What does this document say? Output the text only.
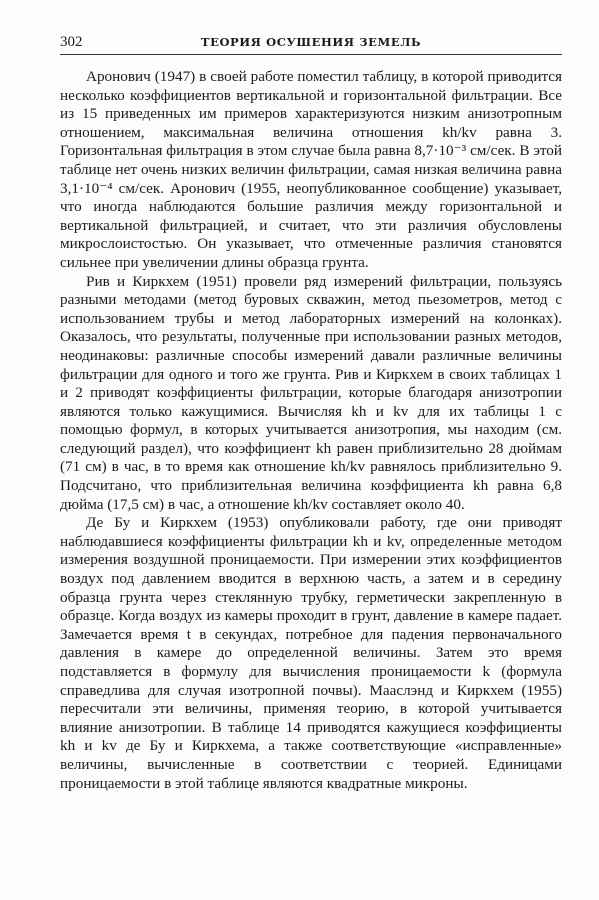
302	ТЕОРИЯ ОСУШЕНИЯ ЗЕМЕЛЬ

Аронович (1947) в своей работе поместил таблицу, в которой приводится несколько коэффициентов вертикальной и горизонтальной фильтрации. Все из 15 приведенных им примеров характеризуются низким анизотропным отношением, максимальная величина отношения kh/kv равна 3. Горизонтальная фильтрация в этом случае была равна 8,7·10⁻³ см/сек. В этой таблице нет очень низких величин фильтрации, самая низкая величина равна 3,1·10⁻⁴ см/сек. Аронович (1955, неопубликованное сообщение) указывает, что иногда наблюдаются большие различия между горизонтальной и вертикальной фильтрацией, и считает, что эти различия обусловлены микрослоистостью. Он указывает, что отмеченные различия становятся сильнее при увеличении длины образца грунта.

Рив и Киркхем (1951) провели ряд измерений фильтрации, пользуясь разными методами (метод буровых скважин, метод пьезометров, метод с использованием трубы и метод лабораторных измерений на колонках). Оказалось, что результаты, полученные при использовании разных методов, неодинаковы: различные способы измерений давали различные величины фильтрации для одного и того же грунта. Рив и Киркхем в своих таблицах 1 и 2 приводят коэффициенты фильтрации, которые благодаря анизотропии являются только кажущимися. Вычисляя kh и kv для их таблицы 1 с помощью формул, в которых учитывается анизотропия, мы находим (см. следующий раздел), что коэффициент kh равен приблизительно 28 дюймам (71 см) в час, в то время как отношение kh/kv равнялось приблизительно 9. Подсчитано, что приблизительная величина коэффициента kh равна 6,8 дюйма (17,5 см) в час, а отношение kh/kv составляет около 40.

Де Бу и Киркхем (1953) опубликовали работу, где они приводят наблюдавшиеся коэффициенты фильтрации kh и kv, определенные методом измерения воздушной проницаемости. При измерении этих коэффициентов воздух под давлением вводится в верхнюю часть, а затем и в середину образца грунта через стеклянную трубку, герметически закрепленную в образце. Когда воздух из камеры проходит в грунт, давление в камере падает. Замечается время t в секундах, потребное для падения первоначального давления в камере до определенной величины. Затем это время подставляется в формулу для вычисления проницаемости k (формула справедлива для случая изотропной почвы). Мааслэнд и Киркхем (1955) пересчитали эти величины, применяя теорию, в которой учитывается влияние анизотропии. В таблице 14 приводятся кажущиеся коэффициенты kh и kv де Бу и Киркхема, а также соответствующие «исправленные» величины, вычисленные в соответствии с теорией. Единицами проницаемости в этой таблице являются квадратные микроны.
